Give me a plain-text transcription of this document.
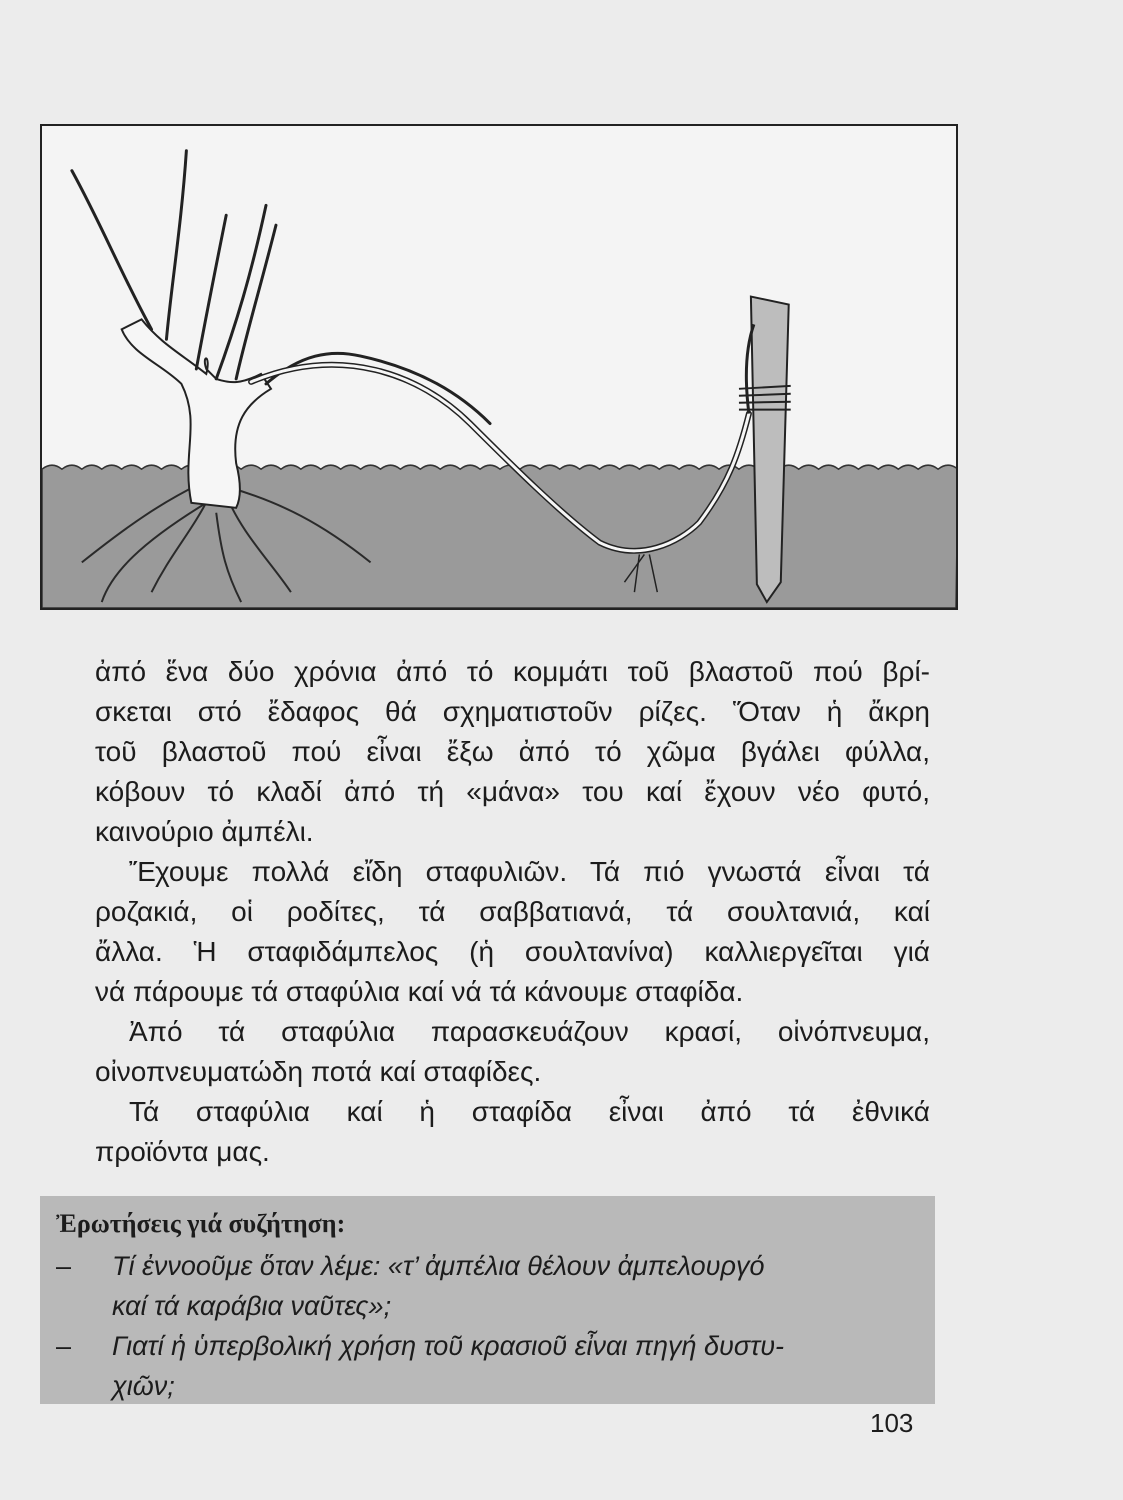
ἀπό ἕνα δύο χρόνια ἀπό τό κομμάτι τοῦ βλαστοῦ πού βρί-

σκεται στό ἔδαφος θά σχηματιστοῦν ρίζες. Ὅταν ἡ ἄκρη

τοῦ βλαστοῦ πού εἶναι ἔξω ἀπό τό χῶμα βγάλει φύλλα,

κόβουν τό κλαδί ἀπό τή «μάνα» του καί ἔχουν νέο φυτό,

καινούριο ἀμπέλι.

Ἔχουμε πολλά εἴδη σταφυλιῶν. Τά πιό γνωστά εἶναι τά

ροζακιά, οἱ ροδίτες, τά σαββατιανά, τά σουλτανιά, καί

ἄλλα. Ἡ σταφιδάμπελος (ἡ σουλτανίνα) καλλιεργεῖται γιά

νά πάρουμε τά σταφύλια καί νά τά κάνουμε σταφίδα.

Ἀπό τά σταφύλια παρασκευάζουν κρασί, οἰνόπνευμα,

οἰνοπνευματώδη ποτά καί σταφίδες.

Τά σταφύλια καί ἡ σταφίδα εἶναι ἀπό τά ἐθνικά

προϊόντα μας.

Ἐρωτήσεις γιά συζήτηση:

– Τί ἐννοοῦμε ὅταν λέμε: «τ’ ἀμπέλια θέλουν ἀμπελουργό
καί τά καράβια ναῦτες»;

– Γιατί ἡ ὑπερβολική χρήση τοῦ κρασιοῦ εἶναι πηγή δυστυ-
χιῶν;

103
